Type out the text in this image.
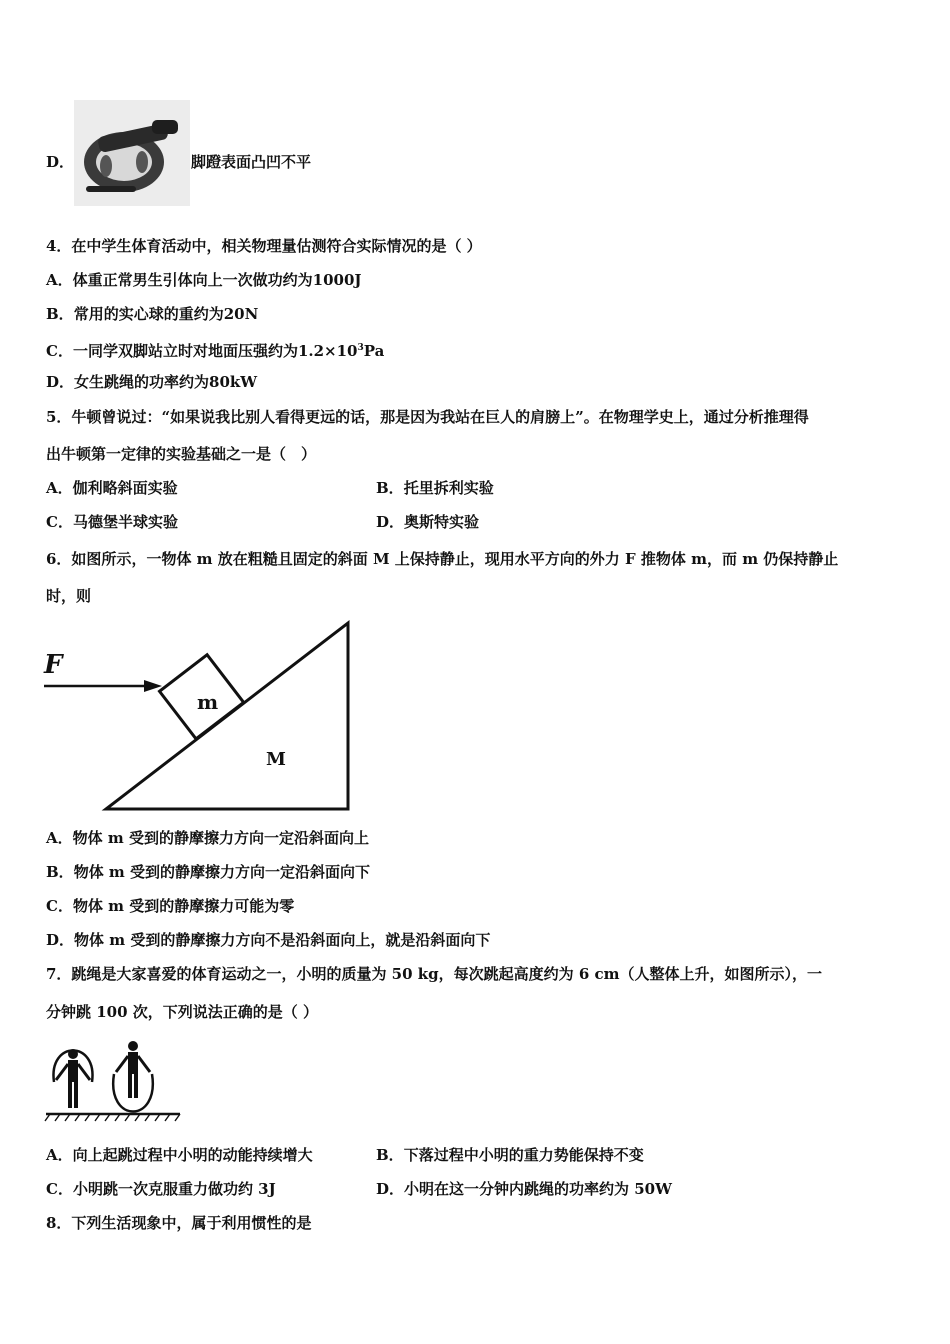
D．	脚蹬表面凸凹不平
4．在中学生体育活动中，相关物理量估测符合实际情况的是（ ）
A．体重正常男生引体向上一次做功约为1000J
B．常用的实心球的重约为20N
C．一同学双脚站立时对地面压强约为$1.2\times 10^3Pa$
D．女生跳绳的功率约为80kW
5．牛顿曾说过：“如果说我比别人看得更远的话，那是因为我站在巨人的肩膀上”。在物理学史上，通过分析推理得
出牛顿第一定律的实验基础之一是（　）
A．伽利略斜面实验	B．托里拆利实验
C．马德堡半球实验	D．奥斯特实验
6．如图所示，一物体 m 放在粗糙且固定的斜面 M 上保持静止，现用水平方向的外力 F 推物体 m，而 m 仍保持静止
时，则
F
m
M
A．物体 m 受到的静摩擦力方向一定沿斜面向上
B．物体 m 受到的静摩擦力方向一定沿斜面向下
C．物体 m 受到的静摩擦力可能为零
D．物体 m 受到的静摩擦力方向不是沿斜面向上，就是沿斜面向下
7．跳绳是大家喜爱的体育运动之一，小明的质量为 50 kg，每次跳起高度约为 6 cm（人整体上升，如图所示），一
分钟跳 100 次，下列说法正确的是（ ）
A．向上起跳过程中小明的动能持续增大	B．下落过程中小明的重力势能保持不变
C．小明跳一次克服重力做功约 3J	D．小明在这一分钟内跳绳的功率约为 50W
8．下列生活现象中，属于利用惯性的是
